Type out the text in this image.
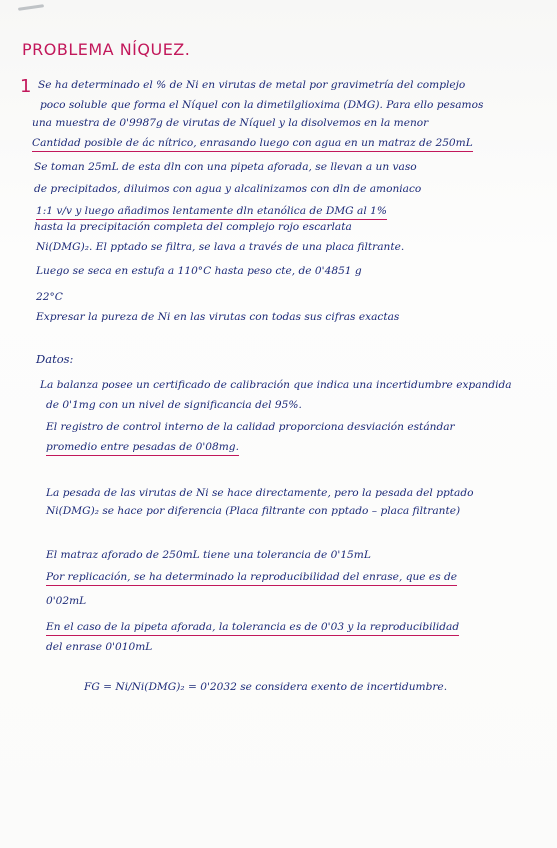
PROBLEMA NÍQUEZ.
1 Se ha determinado el % de Ni en virutas de metal por gravimetría del complejo
poco soluble que forma el Níquel con la dimetilglioxima (DMG). Para ello pesamos
una muestra de 0'9987g de virutas de Níquel y la disolvemos en la menor
Cantidad posible de ác nítrico, enrasando luego con agua en un matraz de 250mL
Se toman 25mL de esta dln con una pipeta aforada, se llevan a un vaso
de precipitados, diluimos con agua y alcalinizamos con dln de amoniaco
1:1 v/v y luego añadimos lentamente dln etanólica de DMG al 1%
hasta la precipitación completa del complejo rojo escarlata
Ni(DMG)₂. El pptado se filtra, se lava a través de una placa filtrante.
Luego se seca en estufa a 110°C hasta peso cte, de 0'4851 g
22°C
Expresar la pureza de Ni en las virutas con todas sus cifras exactas
Datos:
La balanza posee un certificado de calibración que indica una incertidumbre expandida
de 0'1mg con un nivel de significancia del 95%.
El registro de control interno de la calidad proporciona desviación estándar
promedio entre pesadas de 0'08mg.
La pesada de las virutas de Ni se hace directamente, pero la pesada del pptado
Ni(DMG)₂ se hace por diferencia (Placa filtrante con pptado – placa filtrante)
El matraz aforado de 250mL tiene una tolerancia de 0'15mL
Por replicación, se ha determinado la reproducibilidad del enrase, que es de
0'02mL
En el caso de la pipeta aforada, la tolerancia es de 0'03 y la reproducibilidad
del enrase 0'010mL
FG = Ni/Ni(DMG)₂ = 0'2032 se considera exento de incertidumbre.
